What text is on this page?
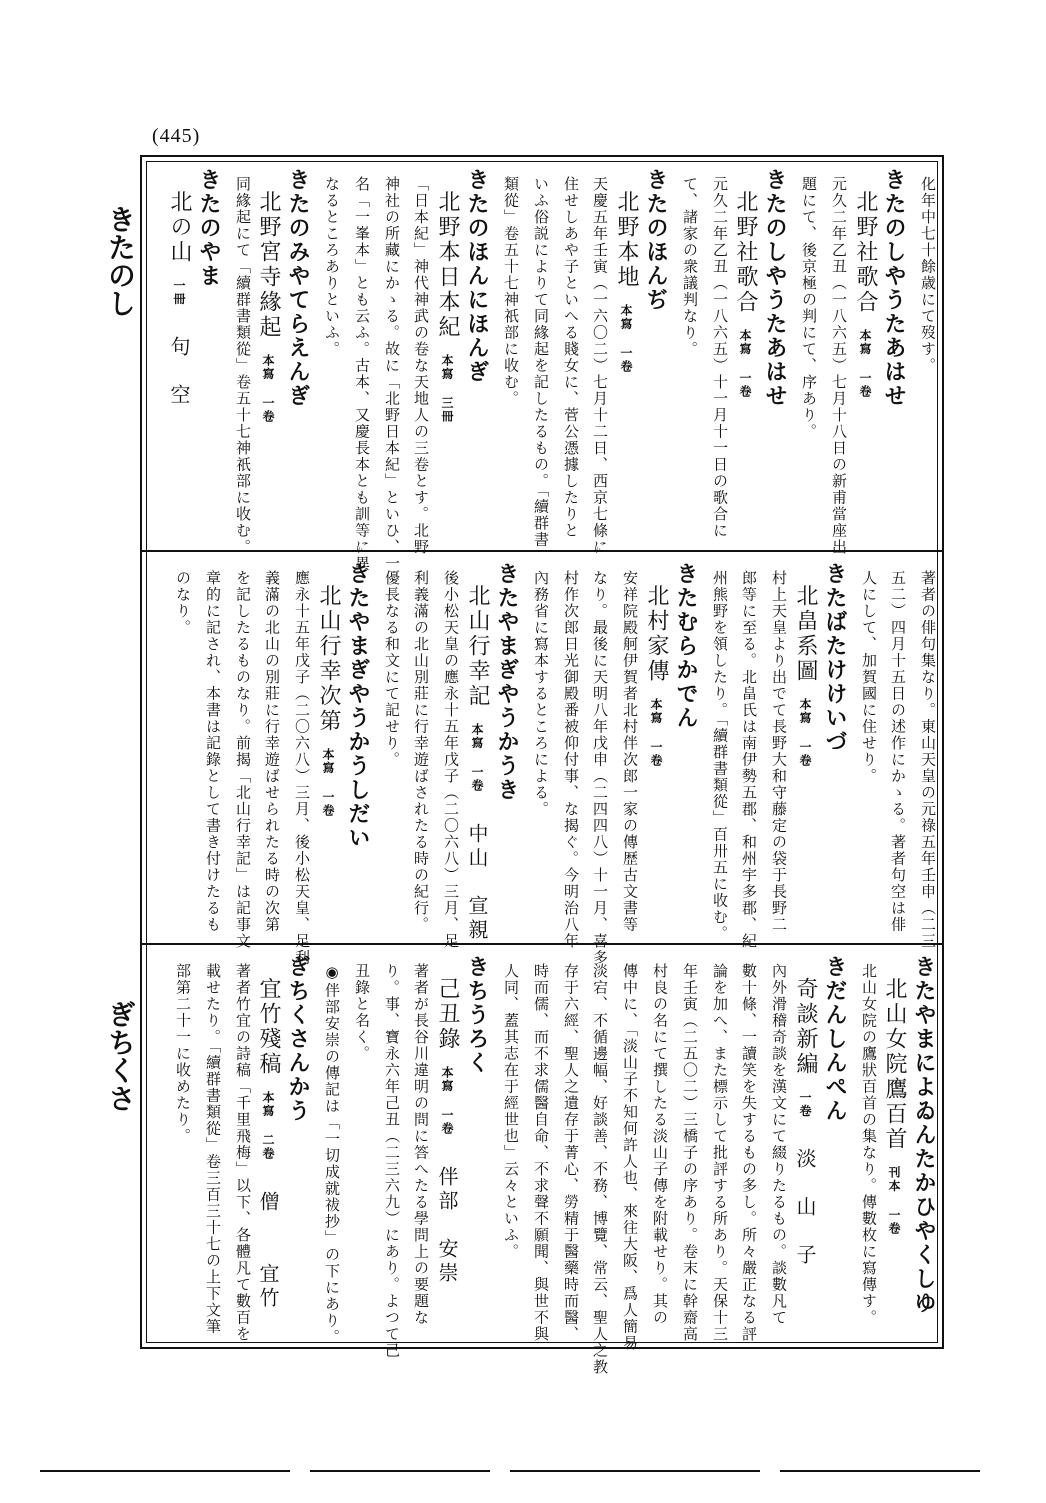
(445)
きたのし
ぎちくさ
化年中七十餘歳にて歿す。
きたのしやうたあはせ
北野社歌合本寫 一卷
元久二年乙丑（一八六五）七月十八日の新甫當座出
題にて、後京極の判にて、序あり。
きたのしやうたあはせ
北野社歌合本寫 一卷
元久二年乙丑（一八六五）十一月十一日の歌合に
て、諸家の衆議判なり。
きたのほんぢ
北野本地本寫 一卷
天慶五年壬寅（一六〇二）七月十二日、西京七條に
住せしあや子といへる賤女に、菅公憑據したりと
いふ俗説によりて同緣起を記したるもの。「續群書
類從」卷五十七神祇部に收む。
きたのほんにほんぎ
北野本日本紀本寫 三冊
「日本紀」神代神武の卷な天地人の三卷とす。北野
神社の所藏にかゝる。故に「北野日本紀」といひ、一
名「一峯本」とも云ふ。古本、又慶長本とも訓等に異
なるところありといふ。
きたのみやてらえんぎ
北野宮寺緣起本寫 一卷
同緣起にて「續群書類從」卷五十七神祇部に收む。
きたのやま
北の山一冊句　空
著者の俳句集なり。東山天皇の元祿五年壬申（二三
五二）四月十五日の述作にかゝる。著者句空は俳
人にして、加賀國に住せり。
きたばたけけいづ
北畠系圖本寫 一卷
村上天皇より出でて長野大和守藤定の袋于長野二
郎等に至る。北畠氏は南伊勢五郡、和州宇多郡、紀
州熊野を領したり。「續群書類從」百卅五に收む。
きたむらかでん
北村家傳本寫 一卷
安祥院殿舸伊賀者北村伴次郎一家の傳歴古文書等
なり。最後に天明八年戊申（二四四八）十一月、喜多
村作次郎日光御殿番被仰付事、な揭ぐ。今明治八年
內務省に寫本するところによる。
きたやまぎやうかうき
北山行幸記本寫 一卷中山　宣親
後小松天皇の應永十五年戊子（二〇六八）三月、足
利義滿の北山別莊に行幸遊ばされたる時の紀行。
優長なる和文にて記せり。
きたやまぎやうかうしだい
北山行幸次第本寫 一卷
應永十五年戊子（二〇六八）三月、後小松天皇、足利
義滿の北山の別莊に行幸遊ばせられたる時の次第
を記したるものなり。前揭「北山行幸記」は記事文
章的に記され、本書は記錄として書き付けたるも
のなり。
きたやまによゐんたかひやくしゆ
北山女院鷹百首刊本 一卷
北山女院の鷹狀百首の集なり。傳數枚に寫傳す。
きだんしんぺん
奇談新編一卷淡　山　子
內外滑稽奇談を漢文にて綴りたるもの。談數凡て
數十條、一讀笑を失するもの多し。所々嚴正なる評
論を加へ、また標示して批評する所あり。天保十三
年壬寅（二五〇二）三橋子の序あり。卷末に幹齋高
村良の名にて撰したる淡山子傳を附載せり。其の
傳中に、「淡山子不知何許人也、來往大阪、爲人簡易
淡宕、不循邊幅、好談善、不務、博覽、常云、聖人之教
存于六經、聖人之遺存于菁心、勞精于醫藥時而醫、
時而儒、而不求儒醫自命、不求聲不願聞、與世不與
人同、蓋其志在于經世也」云々といふ。
きちうろく
己丑錄本寫 一卷伴部　安崇
著者が長谷川違明の問に答へたる學問上の要題な
り。事、寶永六年己丑（二三六九）にあり。よつて己
丑錄と名く。
◉伴部安崇の傳記は「一切成就祓抄」の下にあり。
ぎちくさんかう
宜竹殘稿本寫 二卷僧　　宜竹
著者竹宜の詩稿「千里飛梅」以下、各體凡て數百を
載せたり。「續群書類從」卷三百三十七の上下文筆
部第二十一に收めたり。
